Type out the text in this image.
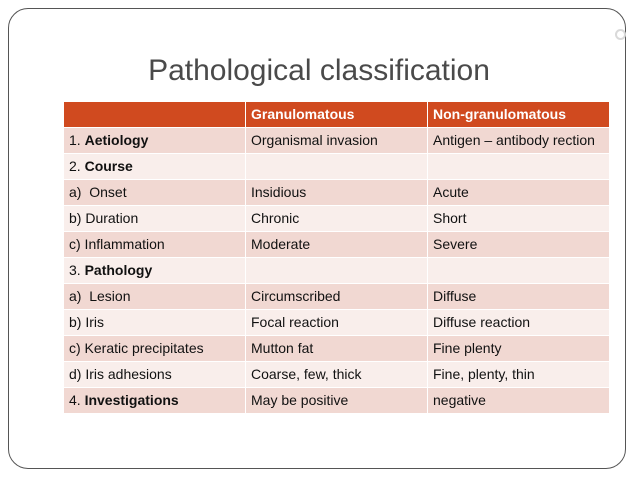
Pathological classification
	Granulomatous	Non-granulomatous
1. Aetiology	Organismal invasion	Antigen – antibody rection
2. Course		
a)  Onset	Insidious	Acute
b) Duration	Chronic	Short
c) Inflammation	Moderate	Severe
3. Pathology		
a)  Lesion	Circumscribed	Diffuse
b) Iris	Focal reaction	Diffuse reaction
c) Keratic precipitates	Mutton fat	Fine plenty
d) Iris adhesions	Coarse, few, thick	Fine, plenty, thin
4. Investigations	May be positive	negative
